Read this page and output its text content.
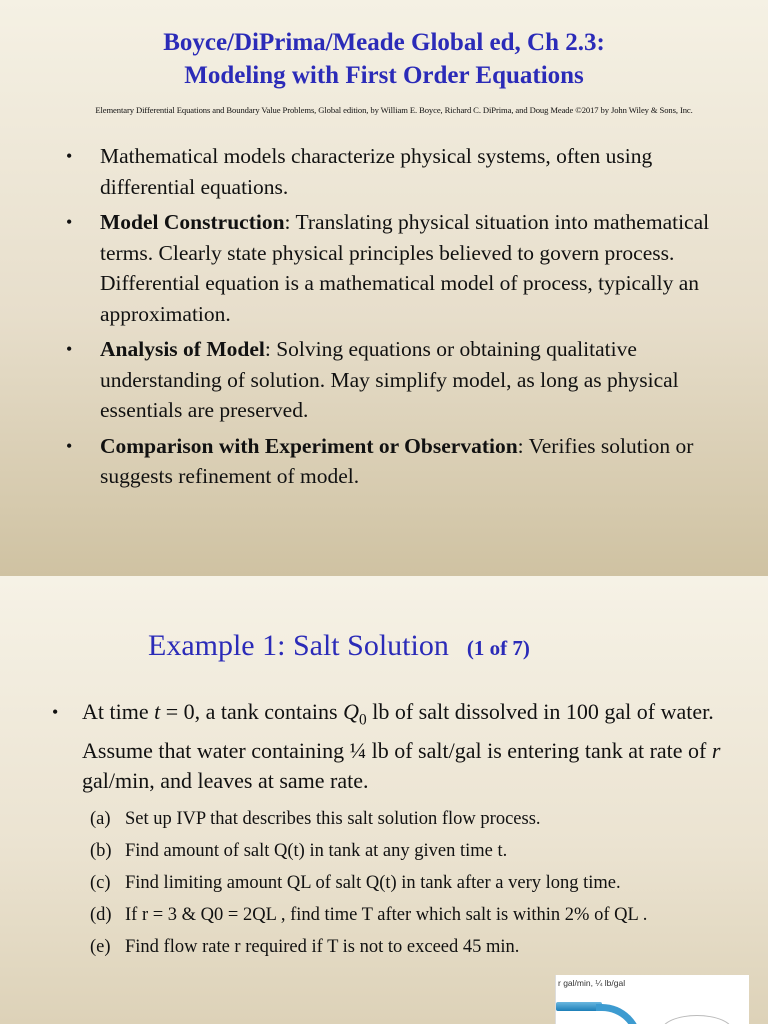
Boyce/DiPrima/Meade Global ed, Ch 2.3:
Modeling with First Order Equations
Elementary Differential Equations and Boundary Value Problems, Global edition, by William E. Boyce, Richard C. DiPrima, and Doug Meade ©2017 by John Wiley & Sons, Inc.
• Mathematical models characterize physical systems, often using differential equations.
• Model Construction: Translating physical situation into mathematical terms. Clearly state physical principles believed to govern process. Differential equation is a mathematical model of process, typically an approximation.
• Analysis of Model: Solving equations or obtaining qualitative understanding of solution. May simplify model, as long as physical essentials are preserved.
• Comparison with Experiment or Observation: Verifies solution or suggests refinement of model.
Example 1: Salt Solution (1 of 7)
•	At time t = 0, a tank contains $Q_0$ lb of salt dissolved in 100 gal of water. Assume that water containing ¼ lb of salt/gal is entering tank at rate of r gal/min, and leaves at same rate.
(a) Set up IVP that describes this salt solution flow process.
(b) Find amount of salt Q(t) in tank at any given time t.
(c) Find limiting amount QL of salt Q(t) in tank after a very long time.
(d) If r = 3 & Q0 = 2QL , find time T after which salt is within 2% of QL .
(e) Find flow rate r required if T is not to exceed 45 min.
r gal/min, ¼ lb/gal
